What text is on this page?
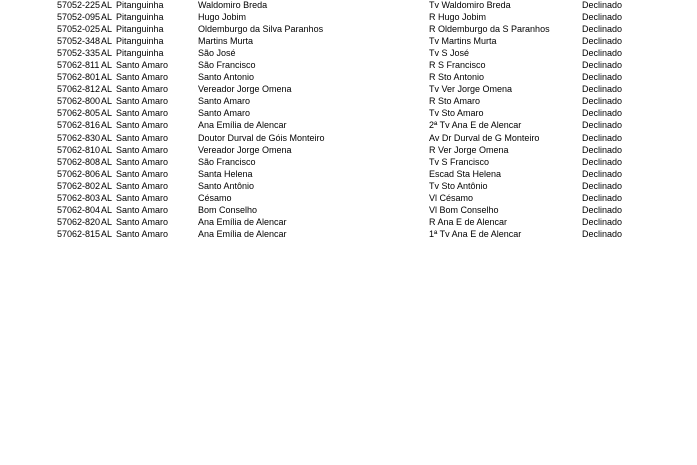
57052-225 AL Pitanguinha	Waldomiro Breda	Tv Waldomiro Breda	Declinado
57052-095 AL Pitanguinha	Hugo Jobim	R Hugo Jobim	Declinado
57052-025 AL Pitanguinha	Oldemburgo da Silva Paranhos	R Oldemburgo da S Paranhos	Declinado
57052-348 AL Pitanguinha	Martins Murta	Tv Martins Murta	Declinado
57052-335 AL Pitanguinha	São José	Tv S José	Declinado
57062-811 AL Santo Amaro	São Francisco	R S Francisco	Declinado
57062-801 AL Santo Amaro	Santo Antonio	R Sto Antonio	Declinado
57062-812 AL Santo Amaro	Vereador Jorge Omena	Tv Ver Jorge Omena	Declinado
57062-800 AL Santo Amaro	Santo Amaro	R Sto Amaro	Declinado
57062-805 AL Santo Amaro	Santo Amaro	Tv Sto Amaro	Declinado
57062-816 AL Santo Amaro	Ana Emília de Alencar	2ª Tv Ana E de Alencar	Declinado
57062-830 AL Santo Amaro	Doutor Durval de Góis Monteiro	Av Dr Durval de G Monteiro	Declinado
57062-810 AL Santo Amaro	Vereador Jorge Omena	R Ver Jorge Omena	Declinado
57062-808 AL Santo Amaro	São Francisco	Tv S Francisco	Declinado
57062-806 AL Santo Amaro	Santa Helena	Escad Sta Helena	Declinado
57062-802 AL Santo Amaro	Santo Antônio	Tv Sto Antônio	Declinado
57062-803 AL Santo Amaro	Césamo	Vl Césamo	Declinado
57062-804 AL Santo Amaro	Bom Conselho	Vl Bom Conselho	Declinado
57062-820 AL Santo Amaro	Ana Emília de Alencar	R Ana E de Alencar	Declinado
57062-815 AL Santo Amaro	Ana Emília de Alencar	1ª Tv Ana E de Alencar	Declinado
